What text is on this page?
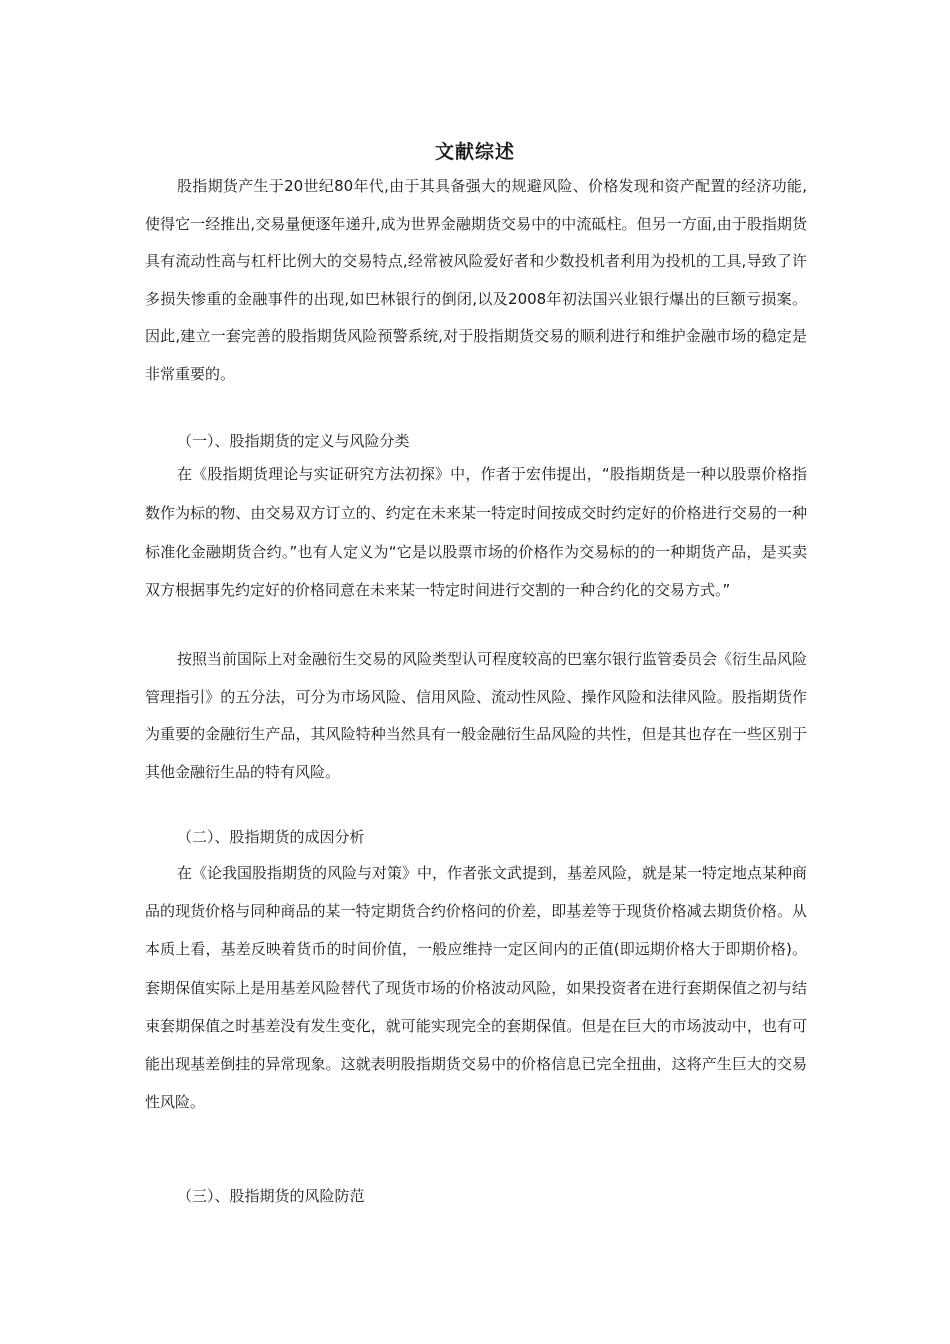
文献综述

股指期货产生于20世纪80年代,由于其具备强大的规避风险、价格发现和资产配置的经济功能,使得它一经推出,交易量便逐年递升,成为世界金融期货交易中的中流砥柱。但另一方面,由于股指期货具有流动性高与杠杆比例大的交易特点,经常被风险爱好者和少数投机者利用为投机的工具,导致了许多损失惨重的金融事件的出现,如巴林银行的倒闭,以及2008年初法国兴业银行爆出的巨额亏损案。因此,建立一套完善的股指期货风险预警系统,对于股指期货交易的顺利进行和维护金融市场的稳定是非常重要的。

（一）、股指期货的定义与风险分类

在《股指期货理论与实证研究方法初探》中，作者于宏伟提出，“股指期货是一种以股票价格指数作为标的物、由交易双方订立的、约定在未来某一特定时间按成交时约定好的价格进行交易的一种标准化金融期货合约。”也有人定义为“它是以股票市场的价格作为交易标的的一种期货产品，是买卖双方根据事先约定好的价格同意在未来某一特定时间进行交割的一种合约化的交易方式。”

按照当前国际上对金融衍生交易的风险类型认可程度较高的巴塞尔银行监管委员会《衍生品风险管理指引》的五分法，可分为市场风险、信用风险、流动性风险、操作风险和法律风险。股指期货作为重要的金融衍生产品，其风险特种当然具有一般金融衍生品风险的共性，但是其也存在一些区别于其他金融衍生品的特有风险。

（二）、股指期货的成因分析

在《论我国股指期货的风险与对策》中，作者张文武提到，基差风险，就是某一特定地点某种商品的现货价格与同种商品的某一特定期货合约价格问的价差，即基差等于现货价格减去期货价格。从本质上看，基差反映着货币的时间价值，一般应维持一定区间内的正值(即远期价格大于即期价格)。 套期保值实际上是用基差风险替代了现货市场的价格波动风险，如果投资者在进行套期保值之初与结束套期保值之时基差没有发生变化，就可能实现完全的套期保值。但是在巨大的市场波动中，也有可能出现基差倒挂的异常现象。这就表明股指期货交易中的价格信息已完全扭曲，这将产生巨大的交易性风险。

（三）、股指期货的风险防范
